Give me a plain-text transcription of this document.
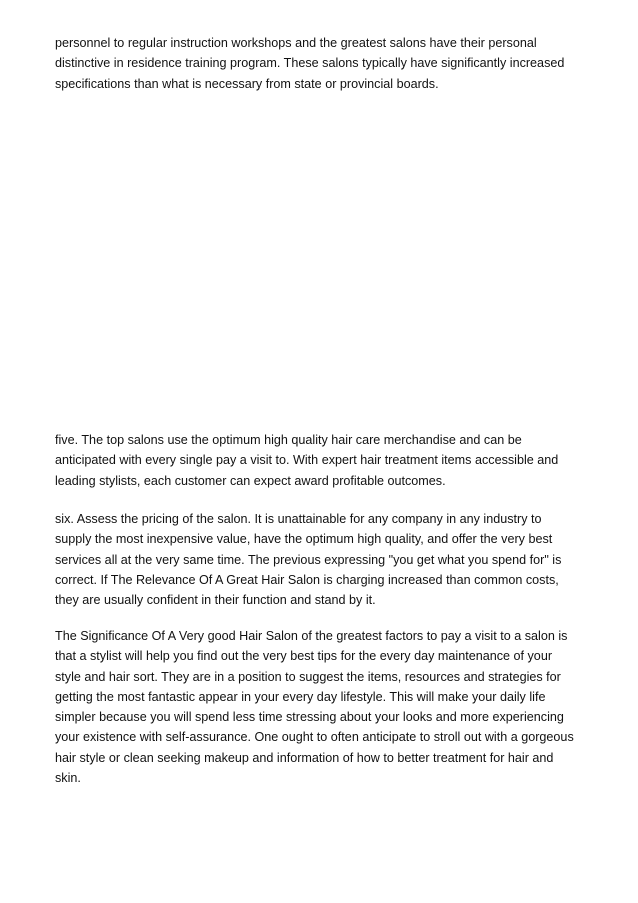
personnel to regular instruction workshops and the greatest salons have their personal
distinctive in residence training program. These salons typically have significantly increased
specifications than what is necessary from state or provincial boards.

five. The top salons use the optimum high quality hair care merchandise and can be
anticipated with every single pay a visit to. With expert hair treatment items accessible and
leading stylists, each customer can expect award profitable outcomes.

six. Assess the pricing of the salon. It is unattainable for any company in any industry to
supply the most inexpensive value, have the optimum high quality, and offer the very best
services all at the very same time. The previous expressing "you get what you spend for" is
correct. If The Relevance Of A Great Hair Salon is charging increased than common costs,
they are usually confident in their function and stand by it.

The Significance Of A Very good Hair Salon of the greatest factors to pay a visit to a salon is
that a stylist will help you find out the very best tips for the every day maintenance of your
style and hair sort. They are in a position to suggest the items, resources and strategies for
getting the most fantastic appear in your every day lifestyle. This will make your daily life
simpler because you will spend less time stressing about your looks and more experiencing
your existence with self-assurance. One ought to often anticipate to stroll out with a gorgeous
hair style or clean seeking makeup and information of how to better treatment for hair and
skin.
